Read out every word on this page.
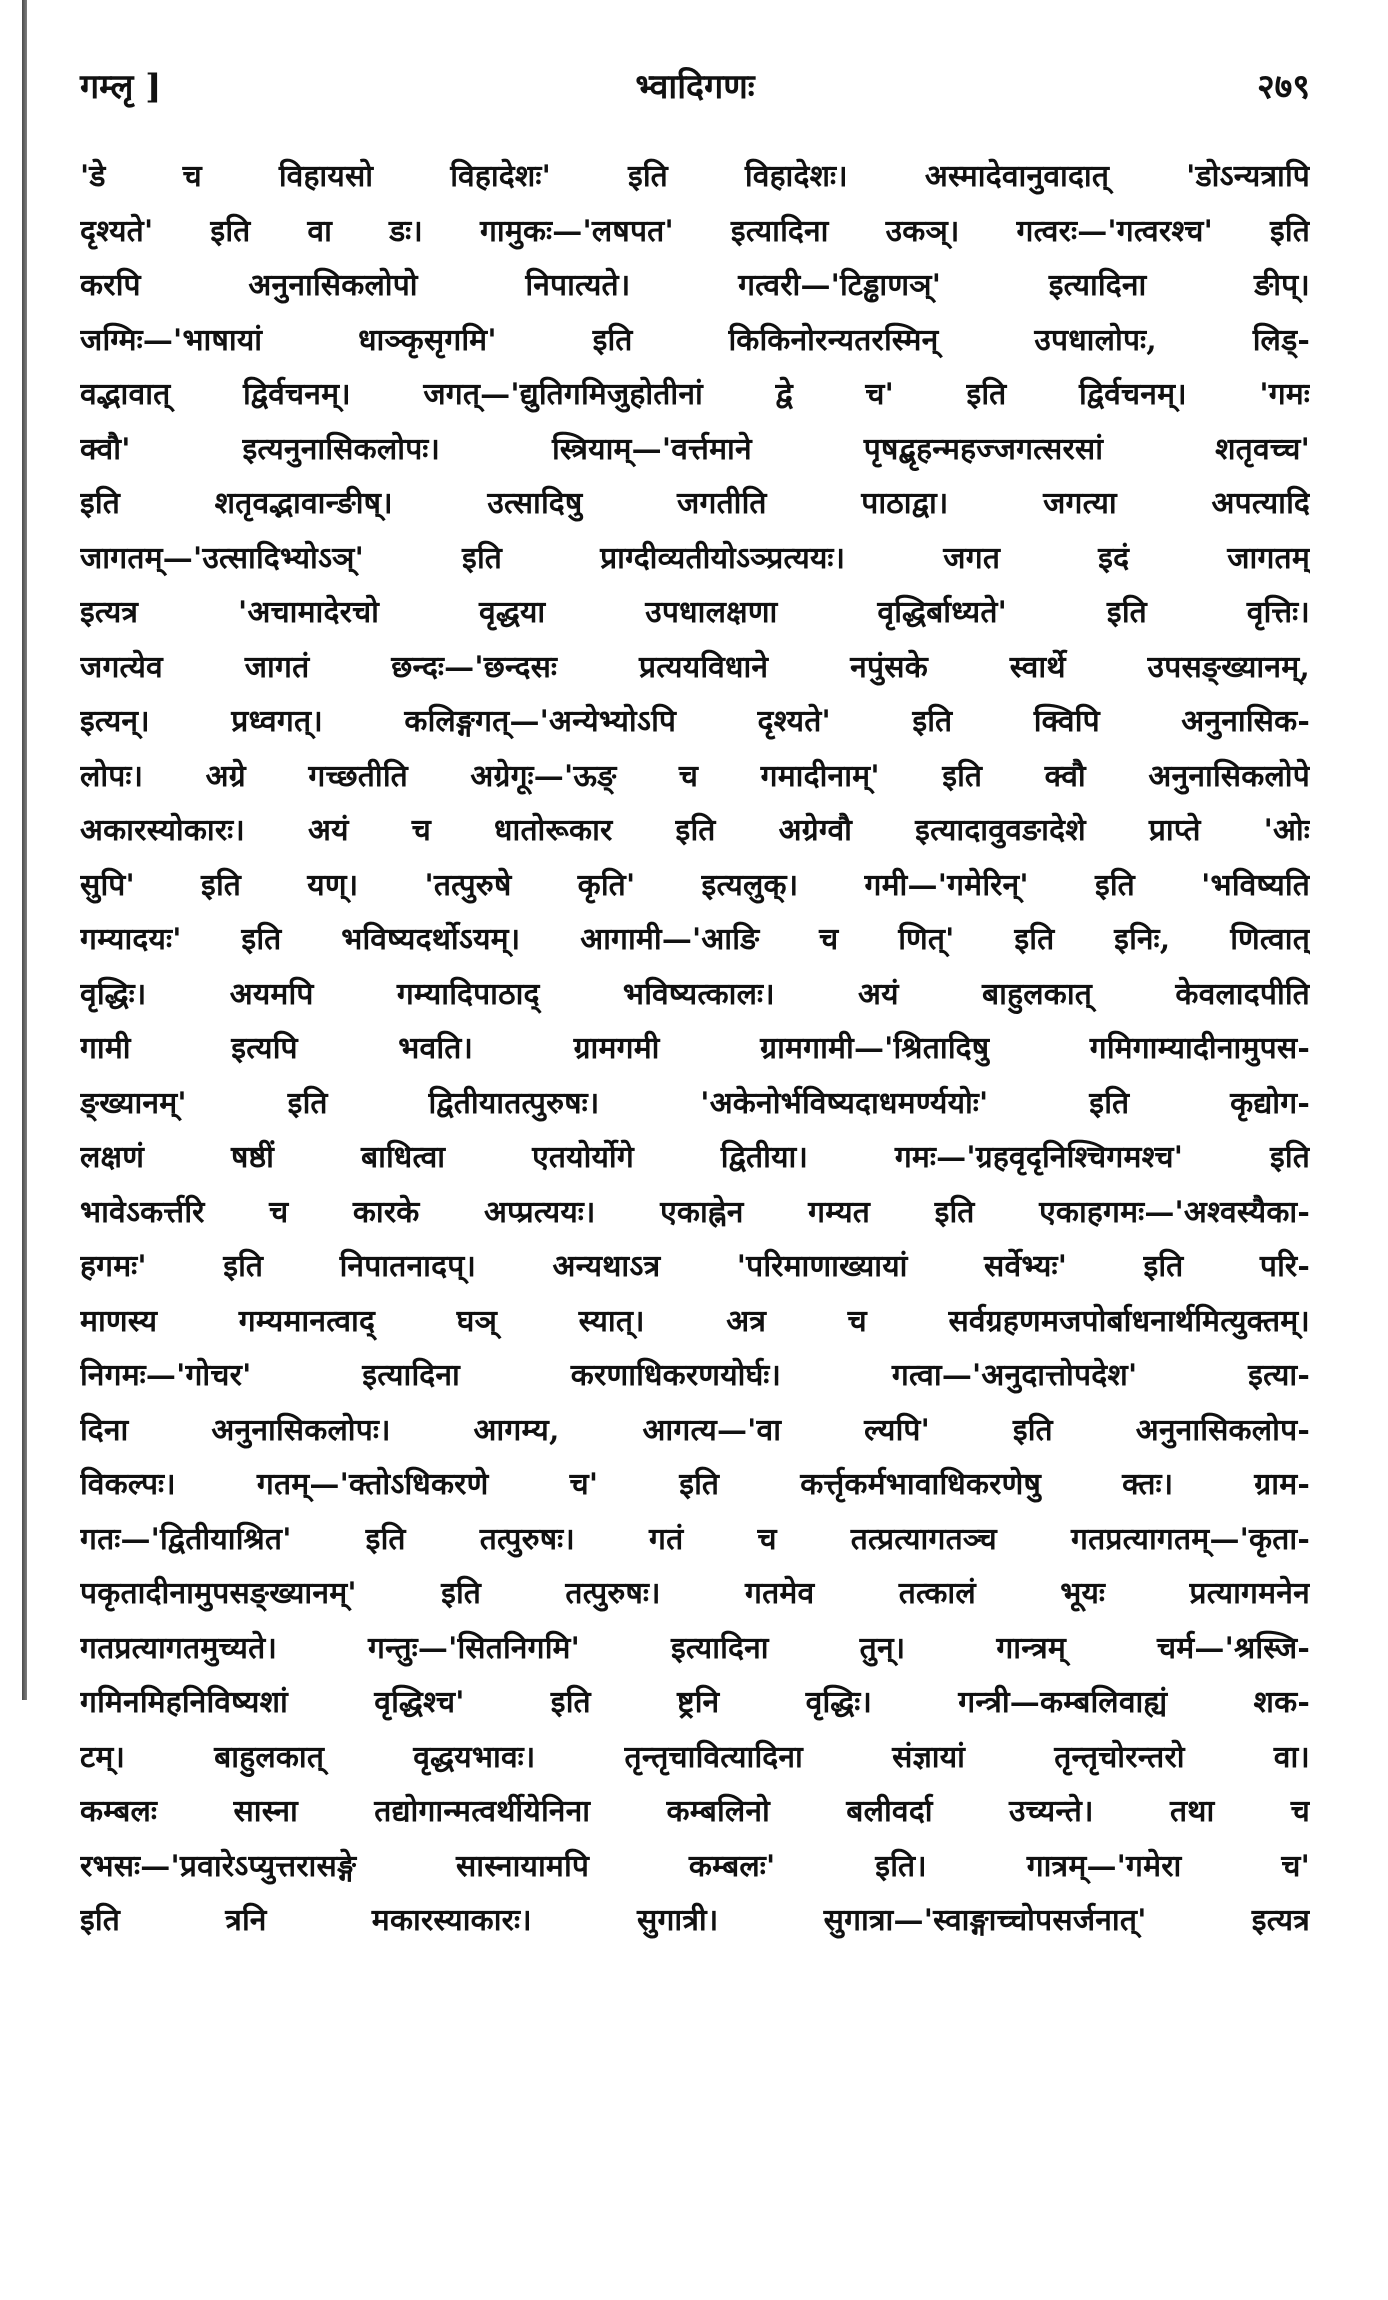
गम्लृ ]	भ्वादिगणः	२७९
'डे च विहायसो विहादेशः' इति विहादेशः। अस्मादेवानुवादात् 'डोऽन्यत्रापि
दृश्यते' इति वा डः। गामुकः—'लषपत' इत्यादिना उकञ्। गत्वरः—'गत्वरश्च' इति
करपि अनुनासिकलोपो निपात्यते। गत्वरी—'टिड्ढाणञ्' इत्यादिना ङीप्।
जग्मिः—'भाषायां धाञ्कृसृगमि' इति किकिनोरन्यतरस्मिन् उपधालोपः, लिड्-
वद्भावात् द्विर्वचनम्। जगत्—'द्युतिगमिजुहोतीनां द्वे च' इति द्विर्वचनम्। 'गमः
क्वौ' इत्यनुनासिकलोपः। स्त्रियाम्—'वर्त्तमाने पृषद्बृहन्महज्जगत्सरसां शतृवच्च'
इति शतृवद्भावान्ङीष्। उत्सादिषु जगतीति पाठाद्वा। जगत्या अपत्यादि
जागतम्—'उत्सादिभ्योऽञ्' इति प्राग्दीव्यतीयोऽञ्प्रत्ययः। जगत इदं जागतम्
इत्यत्र 'अचामादेरचो वृद्धया उपधालक्षणा वृद्धिर्बाध्यते' इति वृत्तिः।
जगत्येव जागतं छन्दः—'छन्दसः प्रत्ययविधाने नपुंसके स्वार्थे उपसङ्ख्यानम्,
इत्यन्। प्रध्वगत्। कलिङ्गगत्—'अन्येभ्योऽपि दृश्यते' इति क्विपि अनुनासिक-
लोपः। अग्रे गच्छतीति अग्रेगूः—'ऊङ् च गमादीनाम्' इति क्वौ अनुनासिकलोपे
अकारस्योकारः। अयं च धातोरूकार इति अग्रेग्वौ इत्यादावुवङादेशे प्राप्ते 'ओः
सुपि' इति यण्। 'तत्पुरुषे कृति' इत्यलुक्। गमी—'गमेरिन्' इति 'भविष्यति
गम्यादयः' इति भविष्यदर्थोऽयम्। आगामी—'आङि च णित्' इति इनिः, णित्वात्
वृद्धिः। अयमपि गम्यादिपाठाद् भविष्यत्कालः। अयं बाहुलकात् केवलादपीति
गामी इत्यपि भवति। ग्रामगमी ग्रामगामी—'श्रितादिषु गमिगाम्यादीनामुपस-
ङ्ख्यानम्' इति द्वितीयातत्पुरुषः। 'अकेनोर्भविष्यदाधमर्ण्ययोः' इति कृद्योग-
लक्षणं षष्ठीं बाधित्वा एतयोर्योगे द्वितीया। गमः—'ग्रहवृदृनिश्चिगमश्च' इति
भावेऽकर्त्तरि च कारके अप्प्रत्ययः। एकाह्नेन गम्यत इति एकाहगमः—'अश्वस्यैका-
हगमः' इति निपातनादप्। अन्यथाऽत्र 'परिमाणाख्यायां सर्वेभ्यः' इति परि-
माणस्य गम्यमानत्वाद् घञ् स्यात्। अत्र च सर्वग्रहणमजपोर्बाधनार्थमित्युक्तम्।
निगमः—'गोचर' इत्यादिना करणाधिकरणयोर्घः। गत्वा—'अनुदात्तोपदेश' इत्या-
दिना अनुनासिकलोपः। आगम्य, आगत्य—'वा ल्यपि' इति अनुनासिकलोप-
विकल्पः। गतम्—'क्तोऽधिकरणे च' इति कर्त्तृकर्मभावाधिकरणेषु क्तः। ग्राम-
गतः—'द्वितीयाश्रित' इति तत्पुरुषः। गतं च तत्प्रत्यागतञ्च गतप्रत्यागतम्—'कृता-
पकृतादीनामुपसङ्ख्यानम्' इति तत्पुरुषः। गतमेव तत्कालं भूयः प्रत्यागमनेन
गतप्रत्यागतमुच्यते। गन्तुः—'सितनिगमि' इत्यादिना तुन्। गान्त्रम् चर्म—'श्रस्जि-
गमिनमिहनिविष्यशां वृद्धिश्च' इति ष्ट्रनि वृद्धिः। गन्त्री—कम्बलिवाह्यं शक-
टम्। बाहुलकात् वृद्धयभावः। तृन्तृचावित्यादिना संज्ञायां तृन्तृचोरन्तरो वा।
कम्बलः सास्ना तद्योगान्मत्वर्थीयेनिना कम्बलिनो बलीवर्दा उच्यन्ते। तथा च
रभसः—'प्रवारेऽप्युत्तरासङ्गे सास्नायामपि कम्बलः' इति। गात्रम्—'गमेरा च'
इति त्रनि मकारस्याकारः। सुगात्री। सुगात्रा—'स्वाङ्गाच्चोपसर्जनात्' इत्यत्र
